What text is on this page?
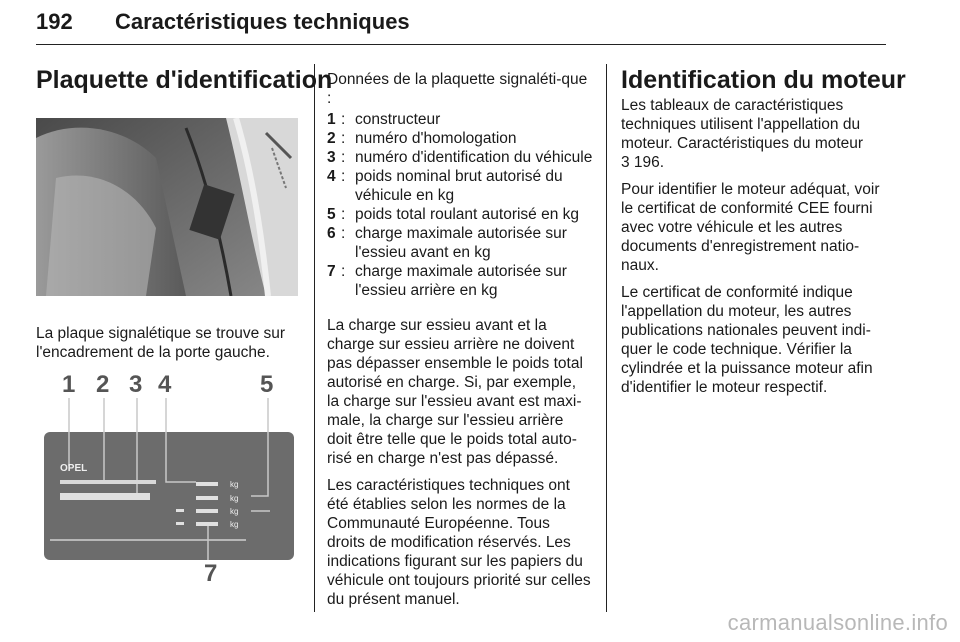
192 Caractéristiques techniques
Plaquette d'identification
La plaque signalétique se trouve sur l'encadrement de la porte gauche.
1 2 3 4	5
7
OPEL
kg
kg
kg
kg
Données de la plaquette signaléti-que :
1 : constructeur
2 : numéro d'homologation
3 : numéro d'identification du véhicule
4 : poids nominal brut autorisé du véhicule en kg
5 : poids total roulant autorisé en kg
6 : charge maximale autorisée sur l'essieu avant en kg
7 : charge maximale autorisée sur l'essieu arrière en kg

La charge sur essieu avant et la charge sur essieu arrière ne doivent pas dépasser ensemble le poids total autorisé en charge. Si, par exemple, la charge sur l'essieu avant est maxi-male, la charge sur l'essieu arrière doit être telle que le poids total auto-risé en charge n'est pas dépassé.

Les caractéristiques techniques ont été établies selon les normes de la Communauté Européenne. Tous droits de modification réservés. Les indications figurant sur les papiers du véhicule ont toujours priorité sur celles du présent manuel.

Identification du moteur

Les tableaux de caractéristiques techniques utilisent l'appellation du moteur. Caractéristiques du moteur
3 196.

Pour identifier le moteur adéquat, voir le certificat de conformité CEE fourni avec votre véhicule et les autres documents d'enregistrement natio-naux.

Le certificat de conformité indique l'appellation du moteur, les autres publications nationales peuvent indi-quer le code technique. Vérifier la cylindrée et la puissance moteur afin d'identifier le moteur respectif.

carmanualsonline.info
